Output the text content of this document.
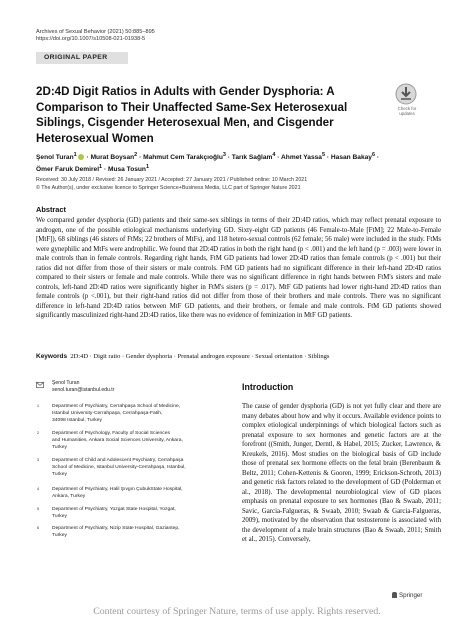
Archives of Sexual Behavior (2021) 50:885–895
https://doi.org/10.1007/s10508-021-01938-5
ORIGINAL PAPER
Check for updates
2D:4D Digit Ratios in Adults with Gender Dysphoria: A Comparison to Their Unaffected Same-Sex Heterosexual Siblings, Cisgender Heterosexual Men, and Cisgender Heterosexual Women
Şenol Turan$^1$ · Murat Boysan$^2$ · Mahmut Cem Tarakçıoğlu$^3$ · Tarık Sağlam$^4$ · Ahmet Yassa$^5$ · Hasan Bakay$^6$ ·
Ömer Faruk Demirel$^1$ · Musa Tosun$^1$
Received: 30 July 2018 / Revised: 26 January 2021 / Accepted: 27 January 2021 / Published online: 10 March 2021
© The Author(s), under exclusive licence to Springer Science+Business Media, LLC part of Springer Nature 2021
Abstract
We compared gender dysphoria (GD) patients and their same-sex siblings in terms of their 2D:4D ratios, which may reflect prenatal exposure to androgen, one of the possible etiological mechanisms underlying GD. Sixty-eight GD patients (46 Female-to-Male [FtM]; 22 Male-to-Female [MtF]), 68 siblings (46 sisters of FtMs; 22 brothers of MtFs), and 118 hetero-sexual controls (62 female; 56 male) were included in the study. FtMs were gynephilic and MtFs were androphilic. We found that 2D:4D ratios in both the right hand (p < .001) and the left hand (p = .003) were lower in male controls than in female controls. Regarding right hands, FtM GD patients had lower 2D:4D ratios than female controls (p < .001) but their ratios did not differ from those of their sisters or male controls. FtM GD patients had no significant difference in their left-hand 2D:4D ratios compared to their sisters or female and male controls. While there was no significant difference in right hands between FtM's sisters and male controls, left-hand 2D:4D ratios were significantly higher in FtM's sisters (p = .017). MtF GD patients had lower right-hand 2D:4D ratios than female controls (p <.001), but their right-hand ratios did not differ from those of their brothers and male controls. There was no significant difference in left-hand 2D:4D ratios between MtF GD patients, and their brothers, or female and male controls. FtM GD patients showed significantly masculinized right-hand 2D:4D ratios, like there was no evidence of feminization in MtF GD patients.
Keywords 2D:4D · Digit ratio · Gender dysphoria · Prenatal androgen exposure · Sexual orientation · Siblings
Şenol Turan
senol.turan@istanbul.edu.tr
1	Department of Psychiatry, Cerrahpaşa School of Medicine,
Istanbul University-Cerrahpaşa, Cerrahpaşa-Fatih,
34098 Istanbul, Turkey
2	Department of Psychology, Faculty of Social Sciences
and Humanities, Ankara Social Sciences University, Ankara,
Turkey
3	Department of Child and Adolescent Psychiatry, Cerrahpaşa
School of Medicine, Istanbul University-Cerrahpaşa, Istanbul,
Turkey
4	Department of Psychiatry, Halil Şıvgın ÇubukState Hospital,
Ankara, Turkey
5	Department of Psychiatry, Yozgat State Hospital, Yozgat,
Turkey
6	Department of Psychiatry, Nizip State Hospital, Gaziantep,
Turkey
Introduction
The cause of gender dysphoria (GD) is not yet fully clear and there are many debates about how and why it occurs. Available evidence points to complex etiological underpinnings of which biological factors such as prenatal exposure to sex hormones and genetic factors are at the forefront ((Smith, Junger, Derntl, & Habel, 2015; Zucker, Lawrence, & Kreukels, 2016). Most studies on the biological basis of GD include those of prenatal sex hormone effects on the fetal brain (Berenbaum & Beltz, 2011; Cohen-Kettenis & Gooren, 1999; Erickson-Schroth, 2013) and genetic risk factors related to the development of GD (Polderman et al., 2018). The developmental neurobiological view of GD places emphasis on prenatal exposure to sex hormones (Bao & Swaab, 2011; Savic, Garcia-Falgueras, & Swaab, 2010; Swaab & Garcia-Falgueras, 2009), motivated by the observation that testosterone is associated with the development of a male brain structures (Bao & Swaab, 2011; Smith et al., 2015). Conversely,
Springer
Content courtesy of Springer Nature, terms of use apply. Rights reserved.
